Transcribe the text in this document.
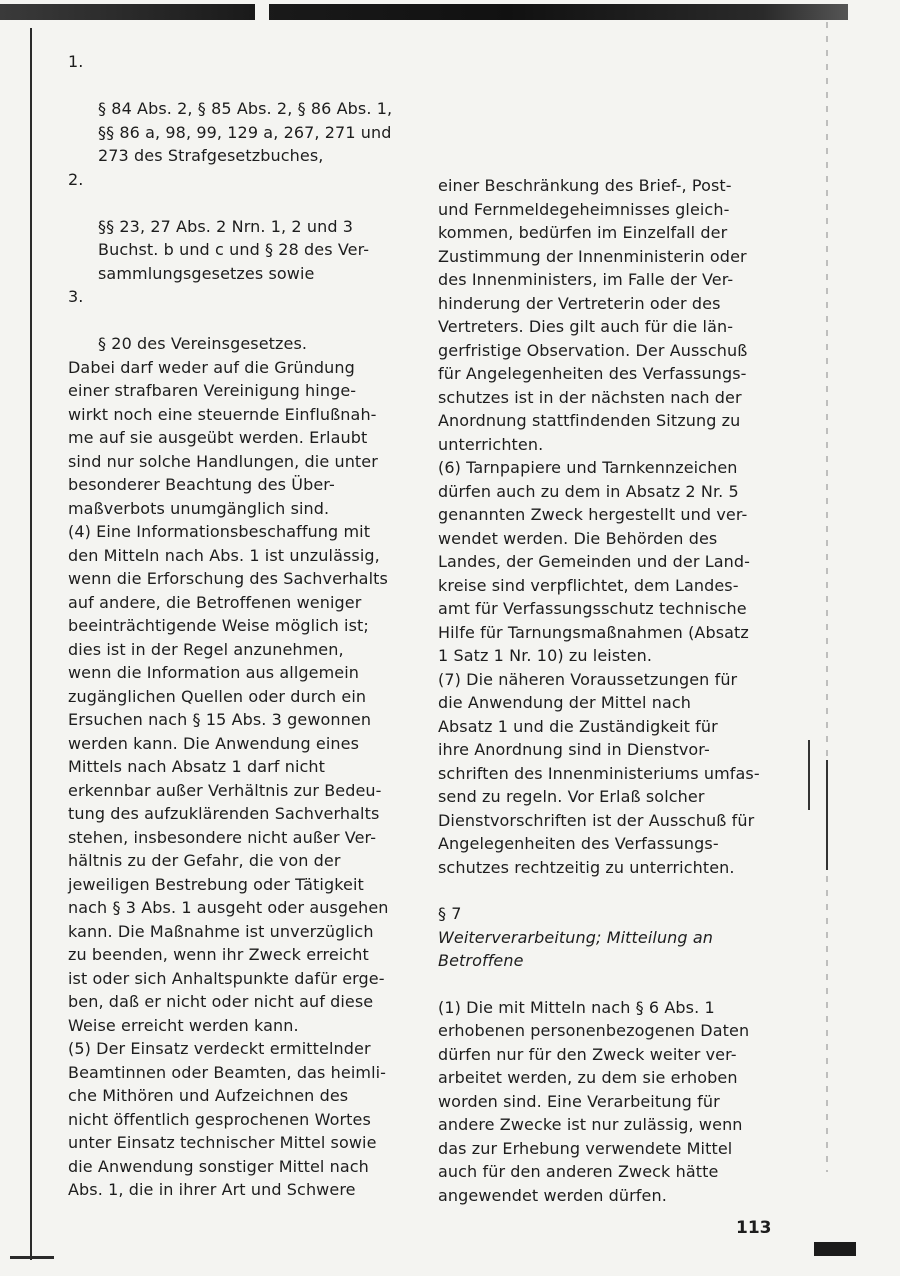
1.

§ 84 Abs. 2, § 85 Abs. 2, § 86 Abs. 1,
§§ 86 a, 98, 99, 129 a, 267, 271 und
273 des Strafgesetzbuches,

2.

§§ 23, 27 Abs. 2 Nrn. 1, 2 und 3
Buchst. b und c und § 28 des Ver-
sammlungsgesetzes sowie

3.

§ 20 des Vereinsgesetzes.

Dabei darf weder auf die Gründung
einer strafbaren Vereinigung hinge-
wirkt noch eine steuernde Einflußnah-
me auf sie ausgeübt werden. Erlaubt
sind nur solche Handlungen, die unter
besonderer Beachtung des Über-
maßverbots unumgänglich sind.

(4) Eine Informationsbeschaffung mit
den Mitteln nach Abs. 1 ist unzulässig,
wenn die Erforschung des Sachverhalts
auf andere, die Betroffenen weniger
beeinträchtigende Weise möglich ist;
dies ist in der Regel anzunehmen,
wenn die Information aus allgemein
zugänglichen Quellen oder durch ein
Ersuchen nach § 15 Abs. 3 gewonnen
werden kann. Die Anwendung eines
Mittels nach Absatz 1 darf nicht
erkennbar außer Verhältnis zur Bedeu-
tung des aufzuklärenden Sachverhalts
stehen, insbesondere nicht außer Ver-
hältnis zu der Gefahr, die von der
jeweiligen Bestrebung oder Tätigkeit
nach § 3 Abs. 1 ausgeht oder ausgehen
kann. Die Maßnahme ist unverzüglich
zu beenden, wenn ihr Zweck erreicht
ist oder sich Anhaltspunkte dafür erge-
ben, daß er nicht oder nicht auf diese
Weise erreicht werden kann.

(5) Der Einsatz verdeckt ermittelnder
Beamtinnen oder Beamten, das heimli-
che Mithören und Aufzeichnen des
nicht öffentlich gesprochenen Wortes
unter Einsatz technischer Mittel sowie
die Anwendung sonstiger Mittel nach
Abs. 1, die in ihrer Art und Schwere

einer Beschränkung des Brief-, Post-
und Fernmeldegeheimnisses gleich-
kommen, bedürfen im Einzelfall der
Zustimmung der Innenministerin oder
des Innenministers, im Falle der Ver-
hinderung der Vertreterin oder des
Vertreters. Dies gilt auch für die län-
gerfristige Observation. Der Ausschuß
für Angelegenheiten des Verfassungs-
schutzes ist in der nächsten nach der
Anordnung stattfindenden Sitzung zu
unterrichten.

(6) Tarnpapiere und Tarnkennzeichen
dürfen auch zu dem in Absatz 2 Nr. 5
genannten Zweck hergestellt und ver-
wendet werden. Die Behörden des
Landes, der Gemeinden und der Land-
kreise sind verpflichtet, dem Landes-
amt für Verfassungsschutz technische
Hilfe für Tarnungsmaßnahmen (Absatz
1 Satz 1 Nr. 10) zu leisten.

(7) Die näheren Voraussetzungen für
die Anwendung der Mittel nach
Absatz 1 und die Zuständigkeit für
ihre Anordnung sind in Dienstvor-
schriften des Innenministeriums umfas-
send zu regeln. Vor Erlaß solcher
Dienstvorschriften ist der Ausschuß für
Angelegenheiten des Verfassungs-
schutzes rechtzeitig zu unterrichten.

§ 7

Weiterverarbeitung; Mitteilung an
Betroffene

(1) Die mit Mitteln nach § 6 Abs. 1
erhobenen personenbezogenen Daten
dürfen nur für den Zweck weiter ver-
arbeitet werden, zu dem sie erhoben
worden sind. Eine Verarbeitung für
andere Zwecke ist nur zulässig, wenn
das zur Erhebung verwendete Mittel
auch für den anderen Zweck hätte
angewendet werden dürfen.

113
